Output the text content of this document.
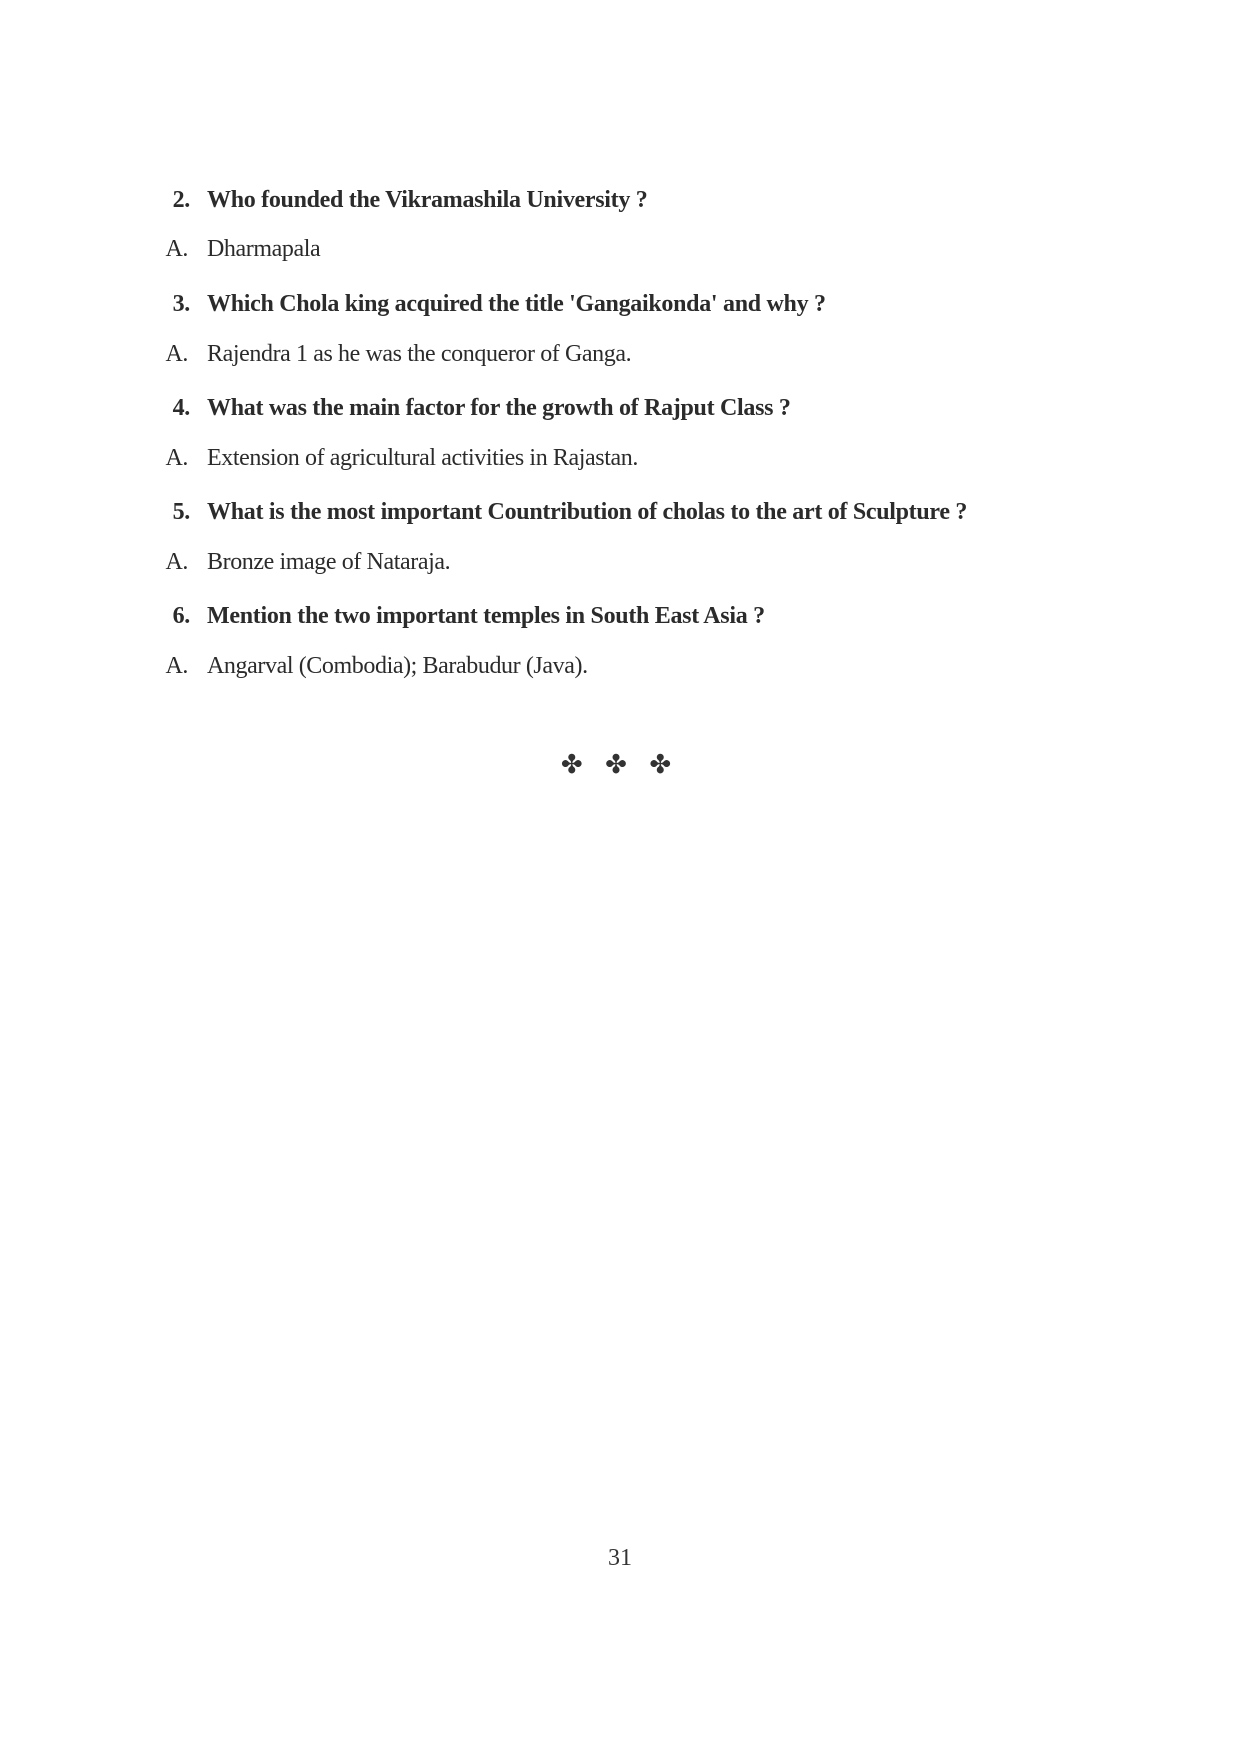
2. Who founded the Vikramashila University ?
A. Dharmapala
3. Which Chola king acquired the title 'Gangaikonda' and why ?
A. Rajendra 1 as he was the conqueror of Ganga.
4. What was the main factor for the growth of Rajput Class ?
A. Extension of agricultural activities in Rajastan.
5. What is the most important Countribution of cholas to the art of Sculpture ?
A. Bronze image of Nataraja.
6. Mention the two important temples in South East Asia ?
A. Angarval (Combodia); Barabudur (Java).
✤ ✤ ✤
31
